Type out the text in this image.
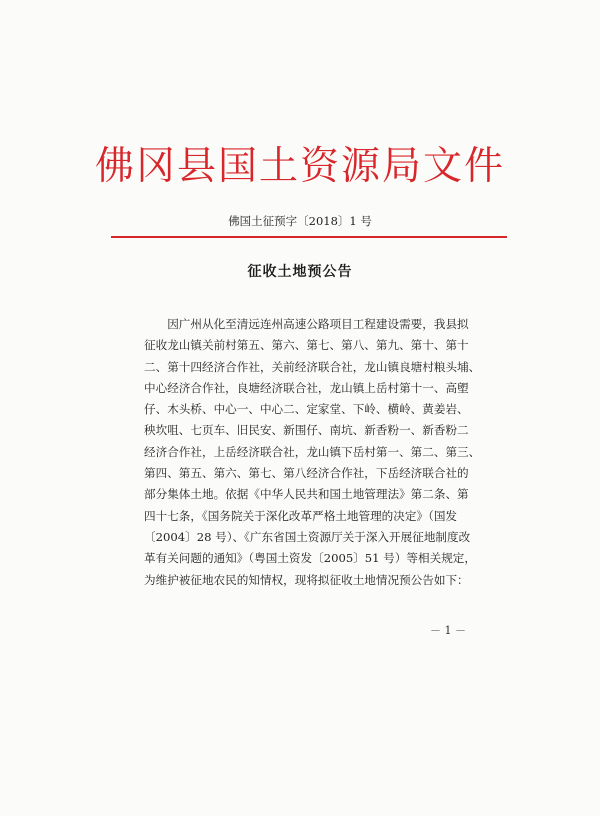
佛冈县国土资源局文件
佛国土征预字〔2018〕1 号
征收土地预公告
　　因广州从化至清远连州高速公路项目工程建设需要，我县拟
征收龙山镇关前村第五、第六、第七、第八、第九、第十、第十
二、第十四经济合作社，关前经济联合社，龙山镇良塘村粮头埔、
中心经济合作社，良塘经济联合社，龙山镇上岳村第十一、高塱
仔、木头桥、中心一、中心二、定家堂、下岭、横岭、黄姜岩、
秧坎咀、七页车、旧民安、新围仔、南坑、新香粉一、新香粉二
经济合作社，上岳经济联合社，龙山镇下岳村第一、第二、第三、
第四、第五、第六、第七、第八经济合作社，下岳经济联合社的
部分集体土地。依据《中华人民共和国土地管理法》第二条、第
四十七条，《国务院关于深化改革严格土地管理的决定》（国发
〔2004〕28 号）、《广东省国土资源厅关于深入开展征地制度改
革有关问题的通知》（粤国土资发〔2005〕51 号）等相关规定，
为维护被征地农民的知情权，现将拟征收土地情况预公告如下：
－ 1 －
